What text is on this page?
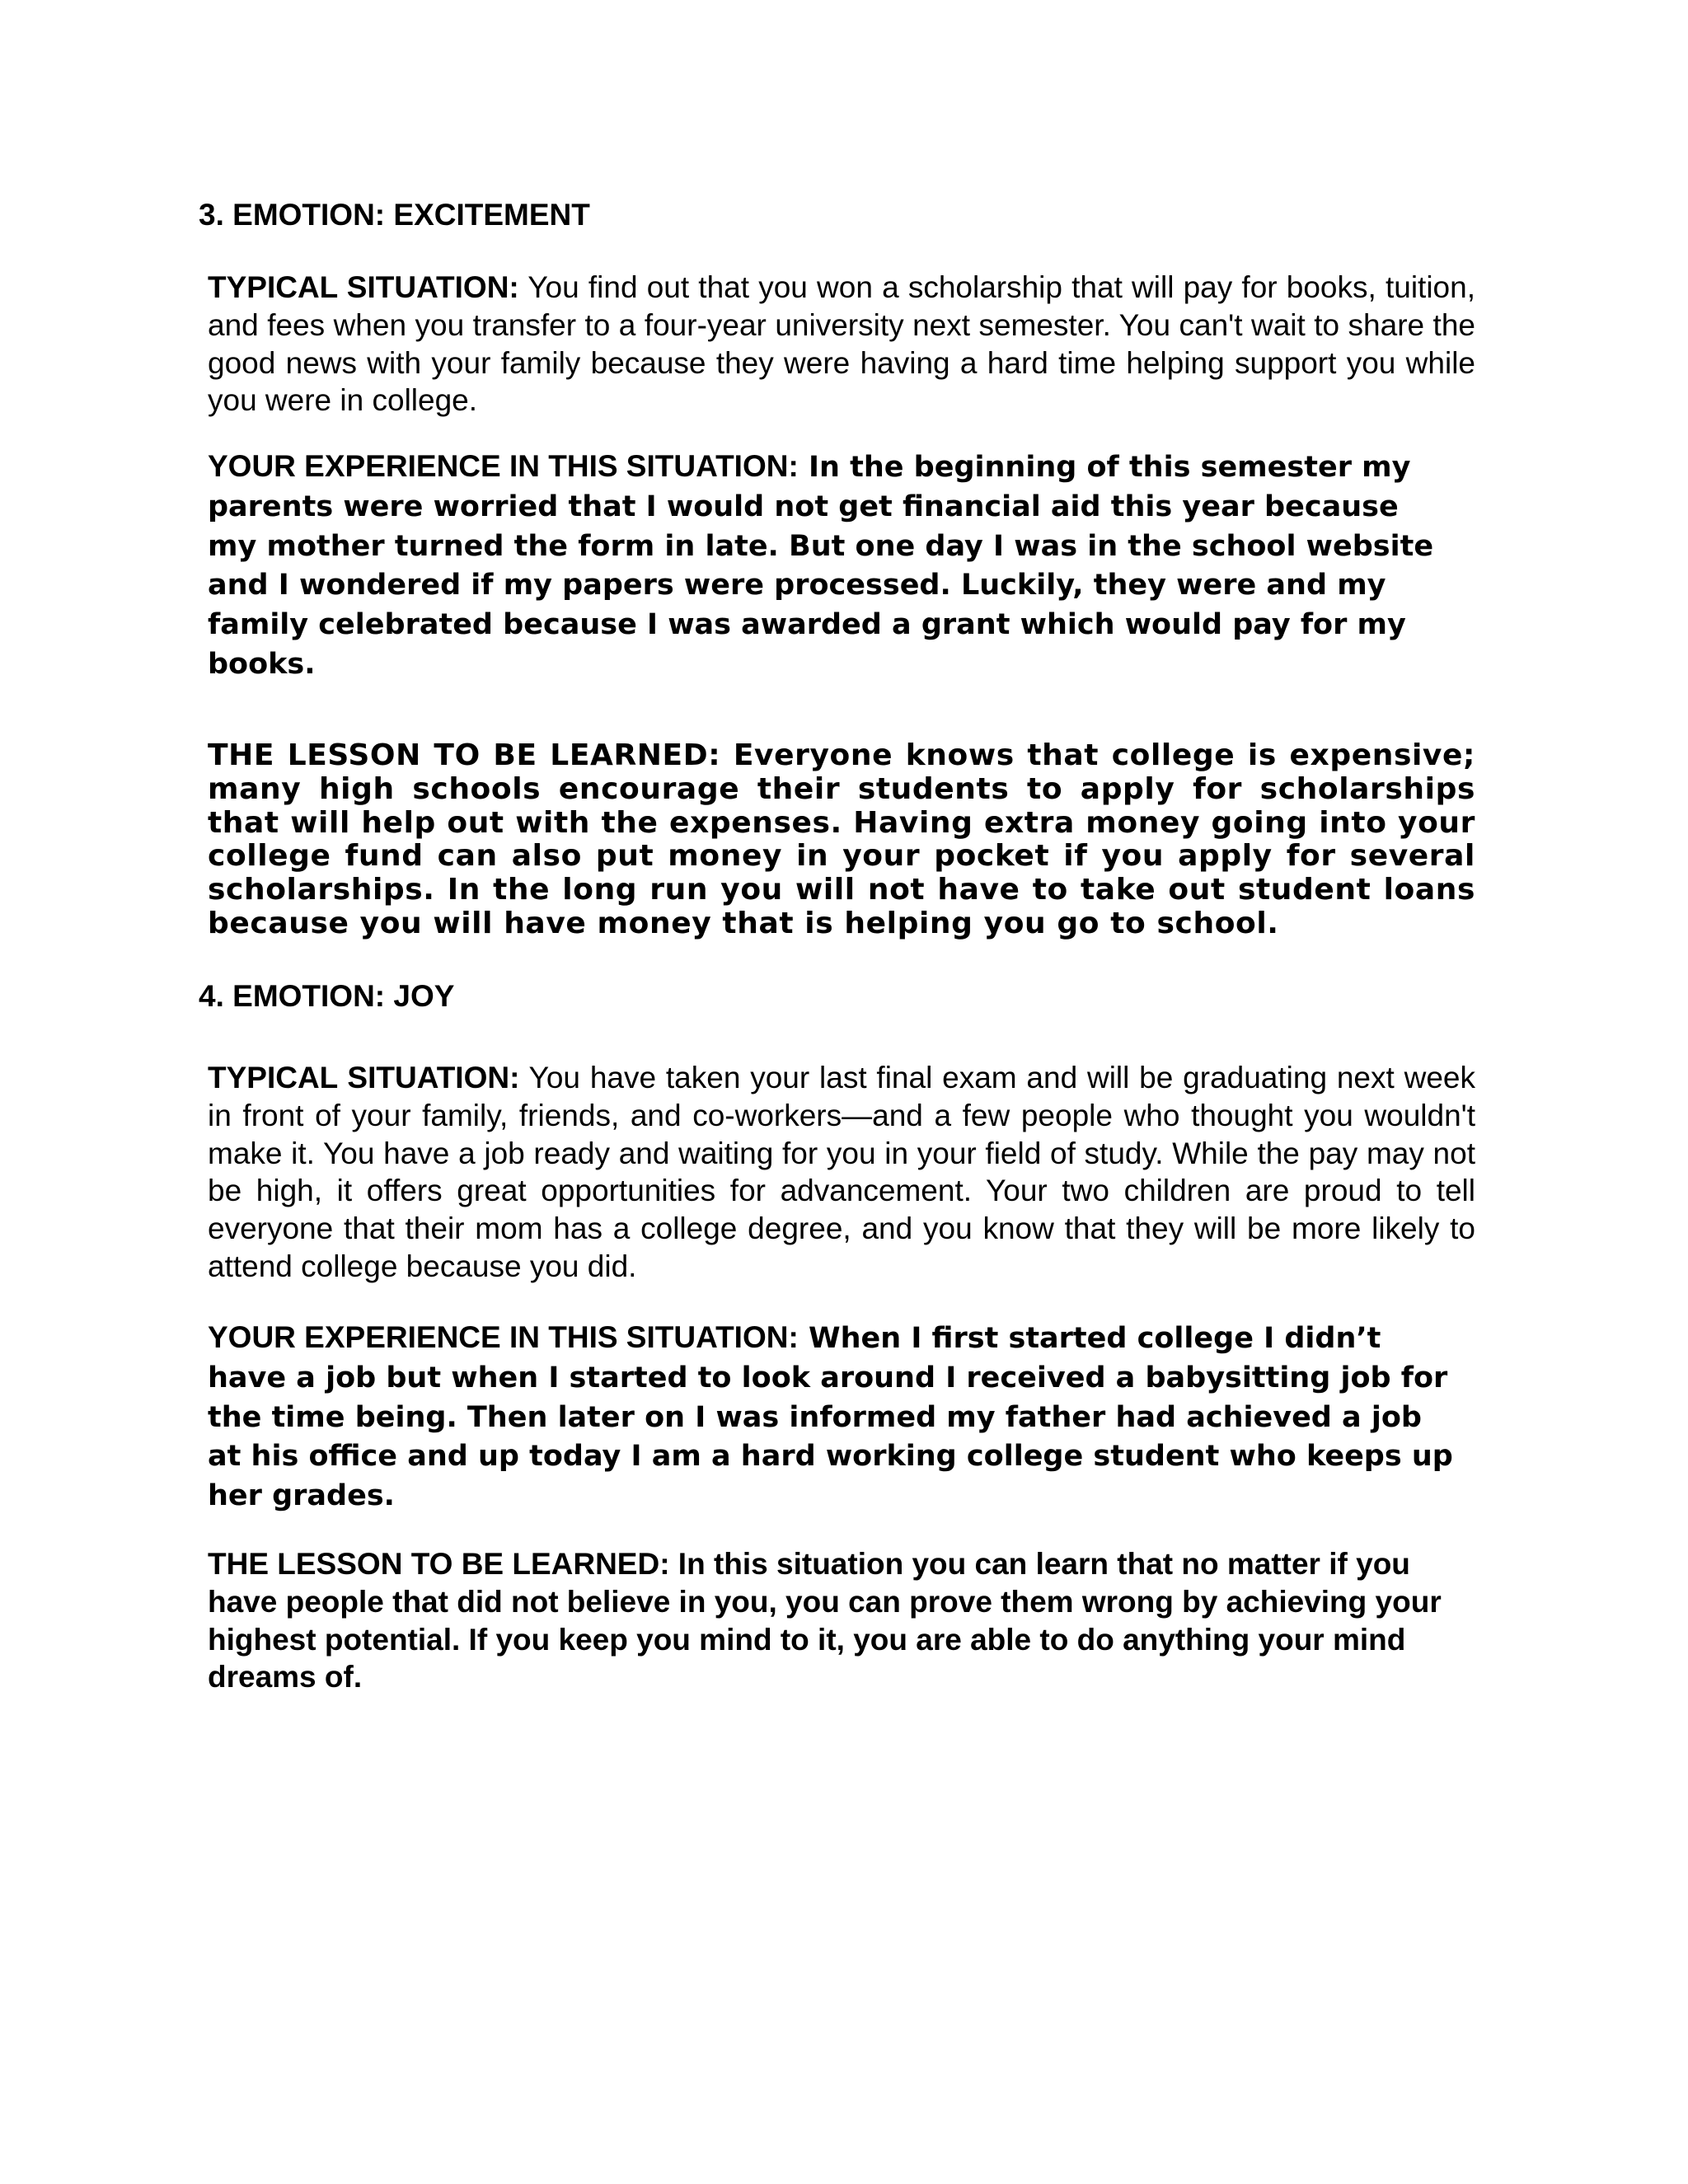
3. EMOTION: EXCITEMENT

TYPICAL SITUATION: You find out that you won a scholarship that will pay for books, tuition, and fees when you transfer to a four-year university next semester. You can't wait to share the good news with your family because they were having a hard time helping support you while you were in college.

YOUR EXPERIENCE IN THIS SITUATION: In the beginning of this semester my parents were worried that I would not get financial aid this year because my mother turned the form in late. But one day I was in the school website and I wondered if my papers were processed. Luckily, they were and my family celebrated because I was awarded a grant which would pay for my books.

THE LESSON TO BE LEARNED: Everyone knows that college is expensive; many high schools encourage their students to apply for scholarships that will help out with the expenses. Having extra money going into your college fund can also put money in your pocket if you apply for several scholarships. In the long run you will not have to take out student loans because you will have money that is helping you go to school.

4. EMOTION: JOY

TYPICAL SITUATION: You have taken your last final exam and will be graduating next week in front of your family, friends, and co-workers—and a few people who thought you wouldn't make it. You have a job ready and waiting for you in your field of study. While the pay may not be high, it offers great opportunities for advancement. Your two children are proud to tell everyone that their mom has a college degree, and you know that they will be more likely to attend college because you did.

YOUR EXPERIENCE IN THIS SITUATION: When I first started college I didn’t have a job but when I started to look around I received a babysitting job for the time being. Then later on I was informed my father had achieved a job at his office and up today I am a hard working college student who keeps up her grades.

THE LESSON TO BE LEARNED: In this situation you can learn that no matter if you have people that did not believe in you, you can prove them wrong by achieving your highest potential. If you keep you mind to it, you are able to do anything your mind dreams of.
